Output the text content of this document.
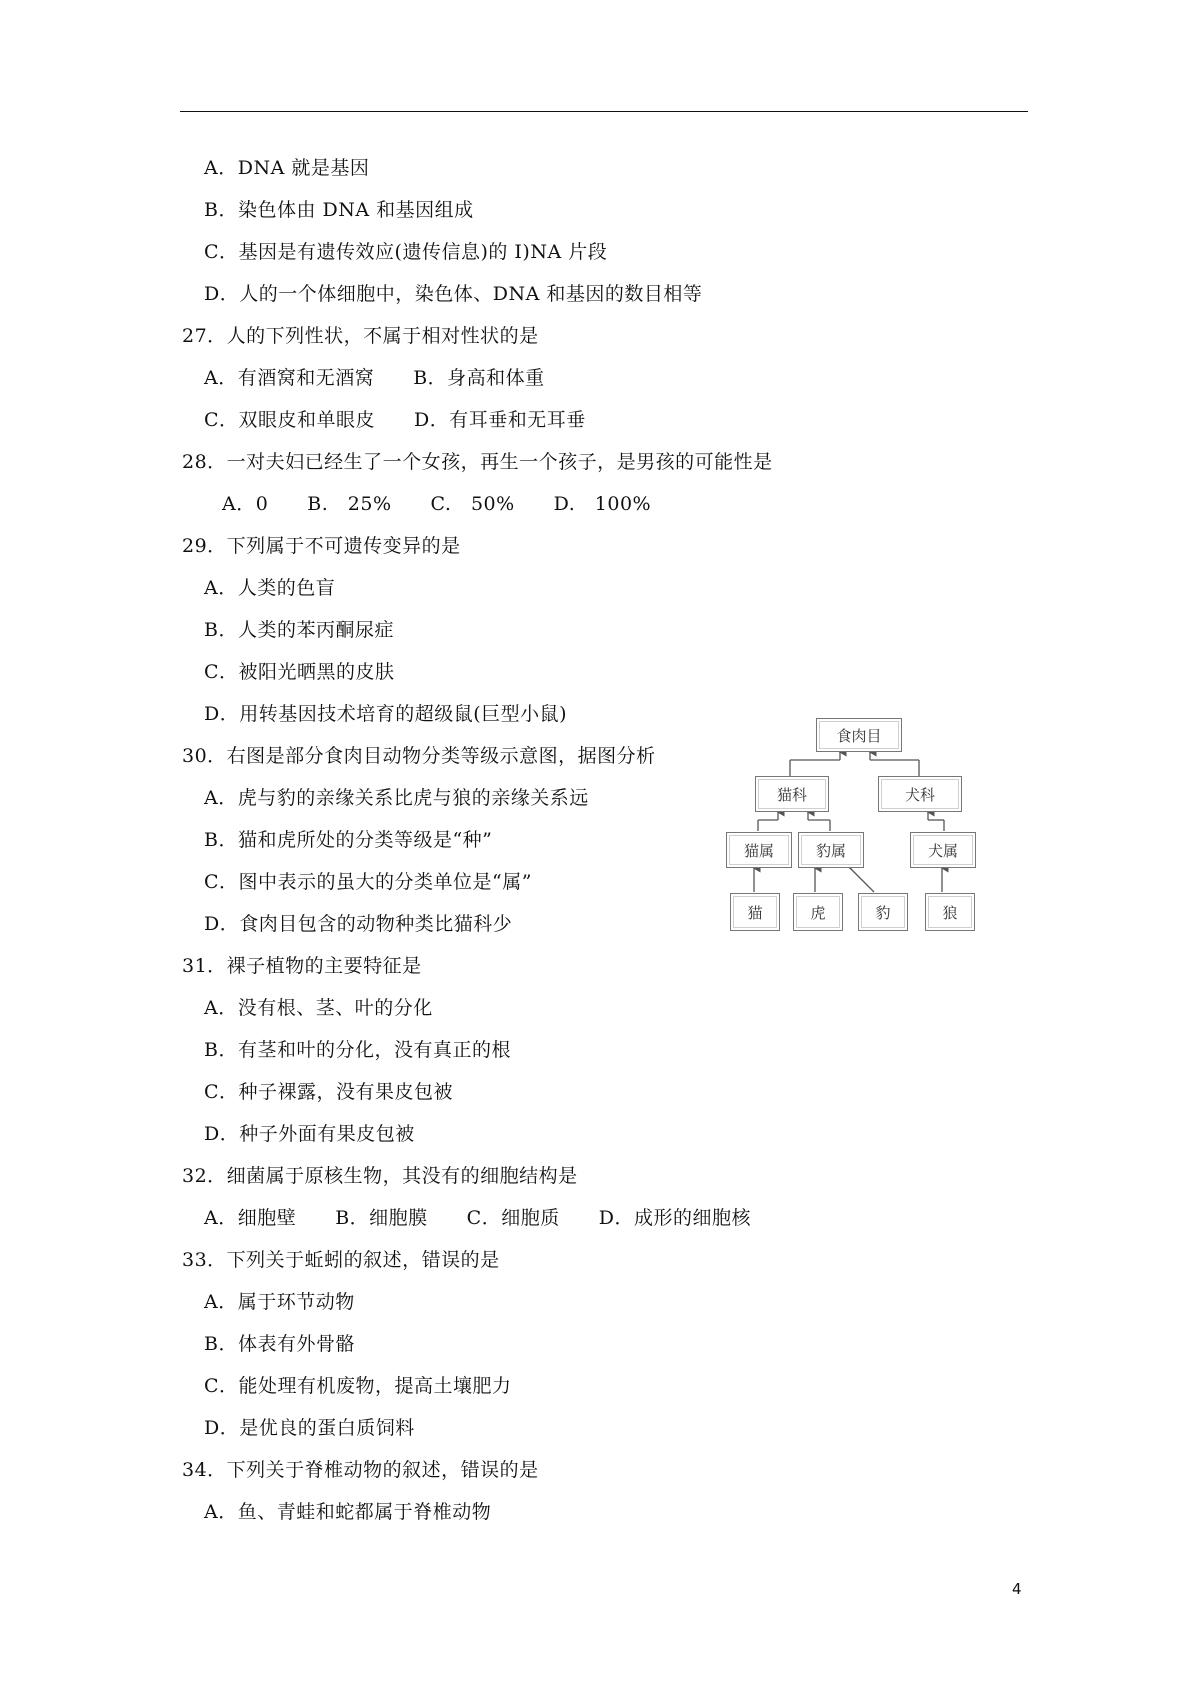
A．DNA 就是基因
B．染色体由 DNA 和基因组成
C．基因是有遗传效应(遗传信息)的 I)NA 片段
D．人的一个体细胞中，染色体、DNA 和基因的数目相等
27．人的下列性状，不属于相对性状的是
A．有酒窝和无酒窝　　B．身高和体重
C．双眼皮和单眼皮　　D．有耳垂和无耳垂
28．一对夫妇已经生了一个女孩，再生一个孩子，是男孩的可能性是
A．0　　B.　25%　　C.　50%　　D.　100%
29．下列属于不可遗传变异的是
A．人类的色盲
B．人类的苯丙酮尿症
C．被阳光晒黑的皮肤
D．用转基因技术培育的超级鼠(巨型小鼠)
30．右图是部分食肉目动物分类等级示意图，据图分析
A．虎与豹的亲缘关系比虎与狼的亲缘关系远
B．猫和虎所处的分类等级是“种”
C．图中表示的虽大的分类单位是“属”
D．食肉目包含的动物种类比猫科少
31．裸子植物的主要特征是
A．没有根、茎、叶的分化
B．有茎和叶的分化，没有真正的根
C．种子裸露，没有果皮包被
D．种子外面有果皮包被
32．细菌属于原核生物，其没有的细胞结构是
A．细胞壁　　B．细胞膜　　C．细胞质　　D．成形的细胞核
33．下列关于蚯蚓的叙述，错误的是
A．属于环节动物
B．体表有外骨骼
C．能处理有机废物，提高土壤肥力
D．是优良的蛋白质饲料
34．下列关于脊椎动物的叙述，错误的是
A．鱼、青蛙和蛇都属于脊椎动物
食肉目
猫科	犬科
猫属	豹属	犬属
猫	虎	豹	狼
4
